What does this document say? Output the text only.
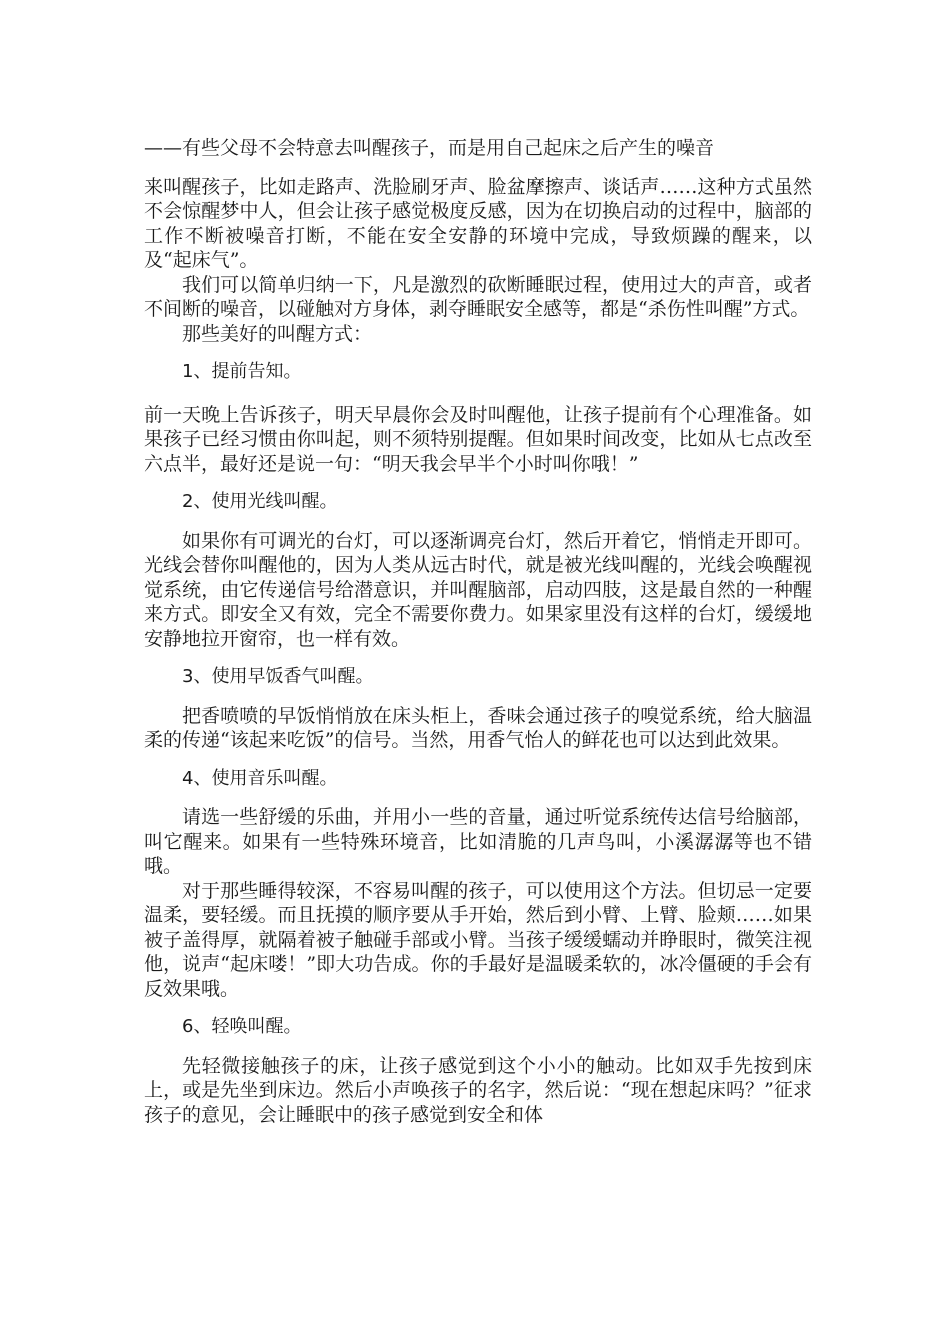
——有些父母不会特意去叫醒孩子，而是用自己起床之后产生的噪音

来叫醒孩子，比如走路声、洗脸刷牙声、脸盆摩擦声、谈话声……这种方式虽然不会惊醒梦中人，但会让孩子感觉极度反感，因为在切换启动的过程中，脑部的工作不断被噪音打断，不能在安全安静的环境中完成，导致烦躁的醒来，以及“起床气”。

我们可以简单归纳一下，凡是激烈的砍断睡眠过程，使用过大的声音，或者不间断的噪音，以碰触对方身体，剥夺睡眠安全感等，都是“杀伤性叫醒”方式。

那些美好的叫醒方式：

1、提前告知。

前一天晚上告诉孩子，明天早晨你会及时叫醒他，让孩子提前有个心理准备。如果孩子已经习惯由你叫起，则不须特别提醒。但如果时间改变，比如从七点改至六点半，最好还是说一句：“明天我会早半个小时叫你哦！”

2、使用光线叫醒。

如果你有可调光的台灯，可以逐渐调亮台灯，然后开着它，悄悄走开即可。光线会替你叫醒他的，因为人类从远古时代，就是被光线叫醒的，光线会唤醒视觉系统，由它传递信号给潜意识，并叫醒脑部，启动四肢，这是最自然的一种醒来方式。即安全又有效，完全不需要你费力。如果家里没有这样的台灯，缓缓地安静地拉开窗帘，也一样有效。

3、使用早饭香气叫醒。

把香喷喷的早饭悄悄放在床头柜上，香味会通过孩子的嗅觉系统，给大脑温柔的传递“该起来吃饭”的信号。当然，用香气怡人的鲜花也可以达到此效果。

4、使用音乐叫醒。

请选一些舒缓的乐曲，并用小一些的音量，通过听觉系统传达信号给脑部，叫它醒来。如果有一些特殊环境音，比如清脆的几声鸟叫，小溪潺潺等也不错哦。

对于那些睡得较深，不容易叫醒的孩子，可以使用这个方法。但切忌一定要温柔，要轻缓。而且抚摸的顺序要从手开始，然后到小臂、上臂、脸颊……如果被子盖得厚，就隔着被子触碰手部或小臂。当孩子缓缓蠕动并睁眼时，微笑注视他，说声“起床喽！”即大功告成。你的手最好是温暖柔软的，冰冷僵硬的手会有反效果哦。

6、轻唤叫醒。

先轻微接触孩子的床，让孩子感觉到这个小小的触动。比如双手先按到床上，或是先坐到床边。然后小声唤孩子的名字，然后说：“现在想起床吗？”征求孩子的意见，会让睡眠中的孩子感觉到安全和体
